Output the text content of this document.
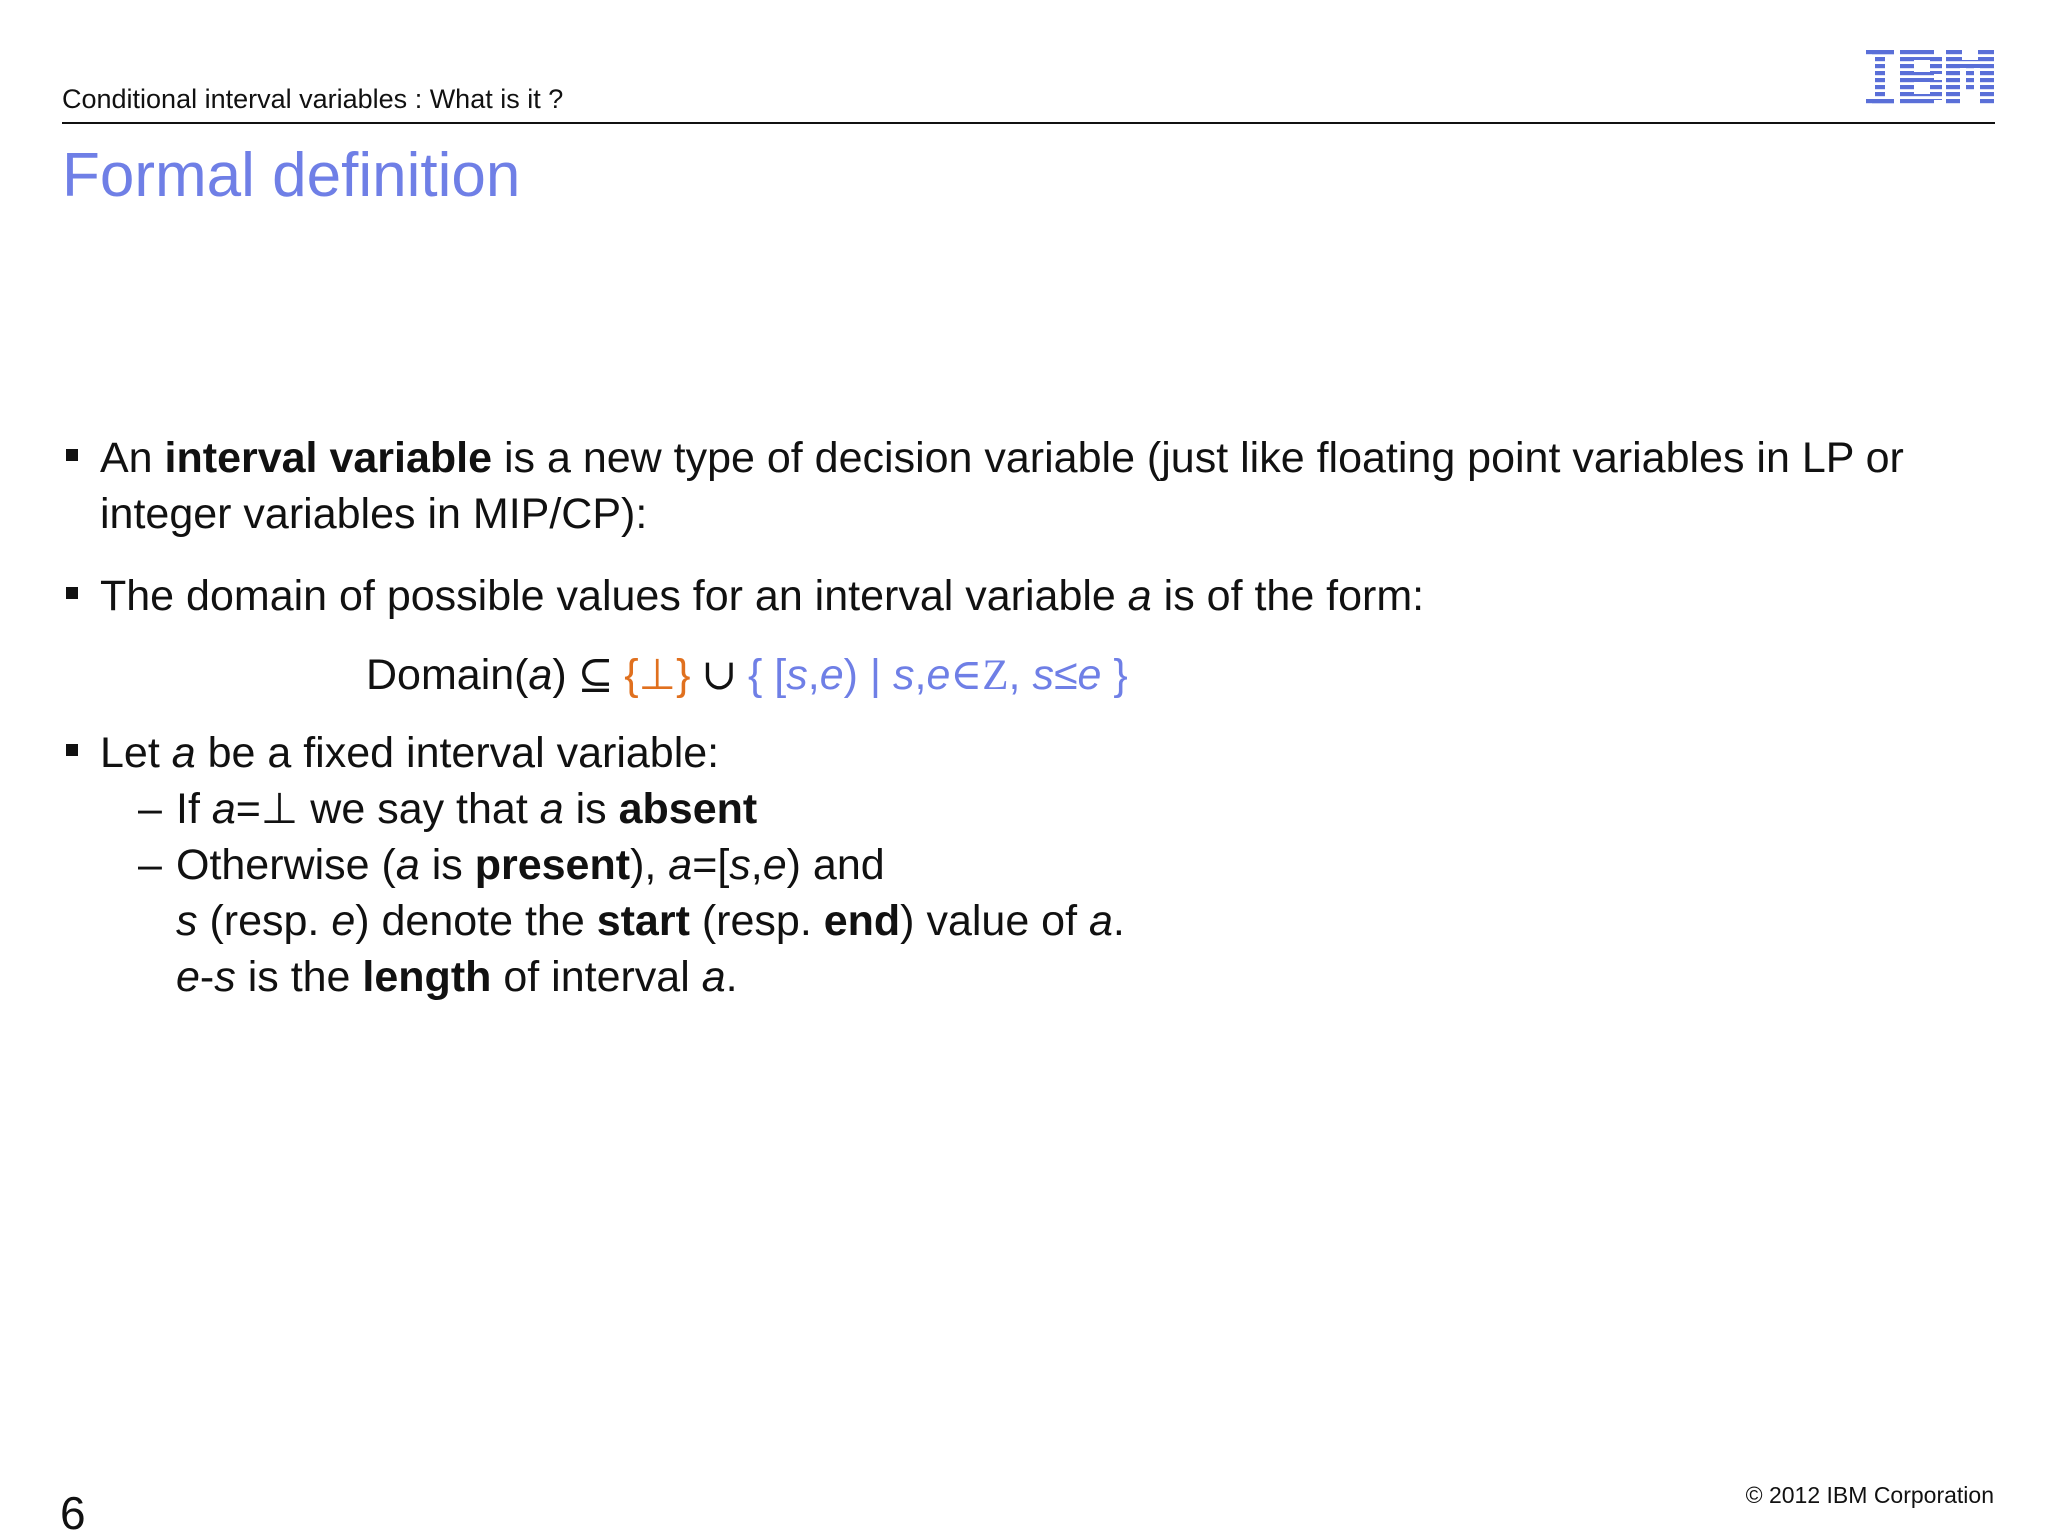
Conditional interval variables : What is it ?
Formal definition
An interval variable is a new type of decision variable (just like floating point variables in LP or integer variables in MIP/CP):
The domain of possible values for an interval variable a is of the form:
Domain(a) ⊆ {⊥} ∪ { [s,e) | s,e∈Z, s≤e }
Let a be a fixed interval variable:
– If a=⊥ we say that a is absent
– Otherwise (a is present), a=[s,e) and
s (resp. e) denote the start (resp. end) value of a.
e-s is the length of interval a.
6	© 2012 IBM Corporation
